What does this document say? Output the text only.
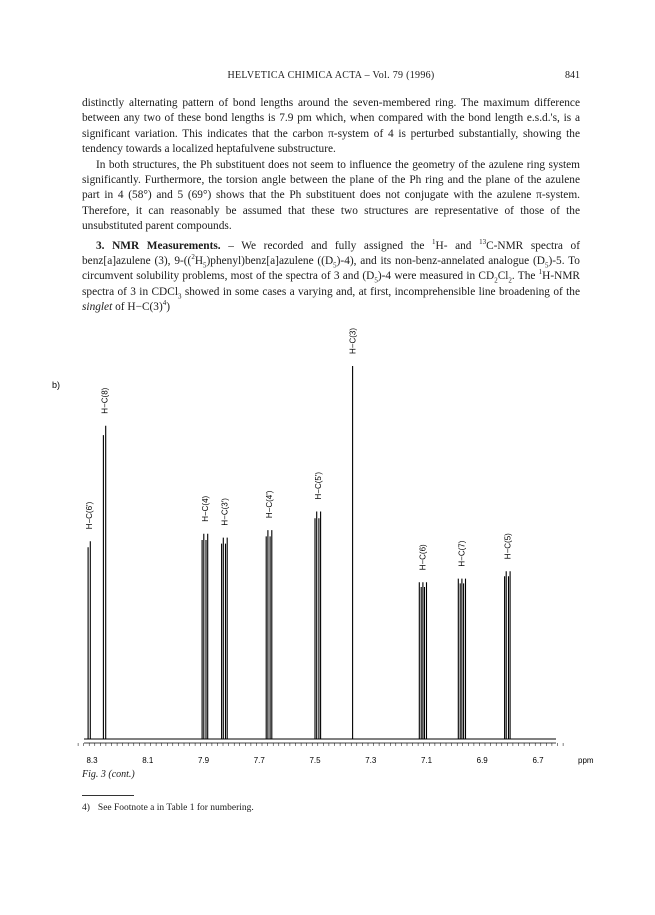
HELVETICA CHIMICA ACTA – Vol. 79 (1996)	841

distinctly alternating pattern of bond lengths around the seven-membered ring. The maximum difference between any two of these bond lengths is 7.9 pm which, when compared with the bond length e.s.d.'s, is a significant variation. This indicates that the carbon π-system of 4 is perturbed substantially, showing the tendency towards a localized heptafulvene substructure.

In both structures, the Ph substituent does not seem to influence the geometry of the azulene ring system significantly. Furthermore, the torsion angle between the plane of the Ph ring and the plane of the azulene part in 4 (58°) and 5 (69°) shows that the Ph substituent does not conjugate with the azulene π-system. Therefore, it can reasonably be assumed that these two structures are representative of those of the unsubstituted parent compounds.

3. NMR Measurements. – We recorded and fully assigned the $^1$H- and $^{13}$C-NMR spectra of benz[a]azulene (3), $9-((^2H_5)phenyl)benz[a]azulene$ $((D_5)-4)$, and its non-benz-annelated analogue $(D_5)-5$. To circumvent solubility problems, most of the spectra of 3 and $(D_5)-4$ were measured in $CD_2Cl_2$. The $^1$H-NMR spectra of 3 in CDCl$_3$ showed in some cases a varying and, at first, incomprehensible line broadening of the singlet of $H-C(3)^4$)

b)
H−C(6')
H−C(8)
H−C(4) H−C(3')	H−C(4')
H−C(5')
H−C(3)
H−C(6)	H−C(7)	H−C(5)
8.3	8.1	7.9	7.7	7.5	7.3	7.1	6.9	6.7	ppm
Fig. 3 (cont.)
4) See Footnote a in Table 1 for numbering.
